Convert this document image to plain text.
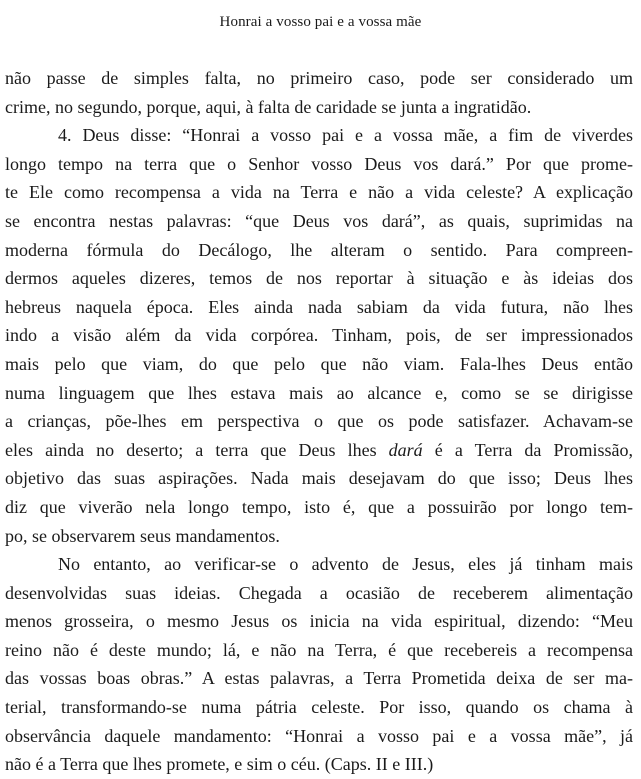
Honrai a vosso pai e a vossa mãe
não passe de simples falta, no primeiro caso, pode ser considerado um
crime, no segundo, porque, aqui, à falta de caridade se junta a ingratidão.
4. Deus disse: “Honrai a vosso pai e a vossa mãe, a fim de viverdes
longo tempo na terra que o Senhor vosso Deus vos dará.” Por que prome-
te Ele como recompensa a vida na Terra e não a vida celeste? A explicação
se encontra nestas palavras: “que Deus vos dará”, as quais, suprimidas na
moderna fórmula do Decálogo, lhe alteram o sentido. Para compreen-
dermos aqueles dizeres, temos de nos reportar à situação e às ideias dos
hebreus naquela época. Eles ainda nada sabiam da vida futura, não lhes
indo a visão além da vida corpórea. Tinham, pois, de ser impressionados
mais pelo que viam, do que pelo que não viam. Fala-lhes Deus então
numa linguagem que lhes estava mais ao alcance e, como se se dirigisse
a crianças, põe-lhes em perspectiva o que os pode satisfazer. Achavam-se
eles ainda no deserto; a terra que Deus lhes dará é a Terra da Promissão,
objetivo das suas aspirações. Nada mais desejavam do que isso; Deus lhes
diz que viverão nela longo tempo, isto é, que a possuirão por longo tem-
po, se observarem seus mandamentos.
No entanto, ao verificar-se o advento de Jesus, eles já tinham mais
desenvolvidas suas ideias. Chegada a ocasião de receberem alimentação
menos grosseira, o mesmo Jesus os inicia na vida espiritual, dizendo: “Meu
reino não é deste mundo; lá, e não na Terra, é que recebereis a recompensa
das vossas boas obras.” A estas palavras, a Terra Prometida deixa de ser ma-
terial, transformando-se numa pátria celeste. Por isso, quando os chama à
observância daquele mandamento: “Honrai a vosso pai e a vossa mãe”, já
não é a Terra que lhes promete, e sim o céu. (Caps. II e III.)
